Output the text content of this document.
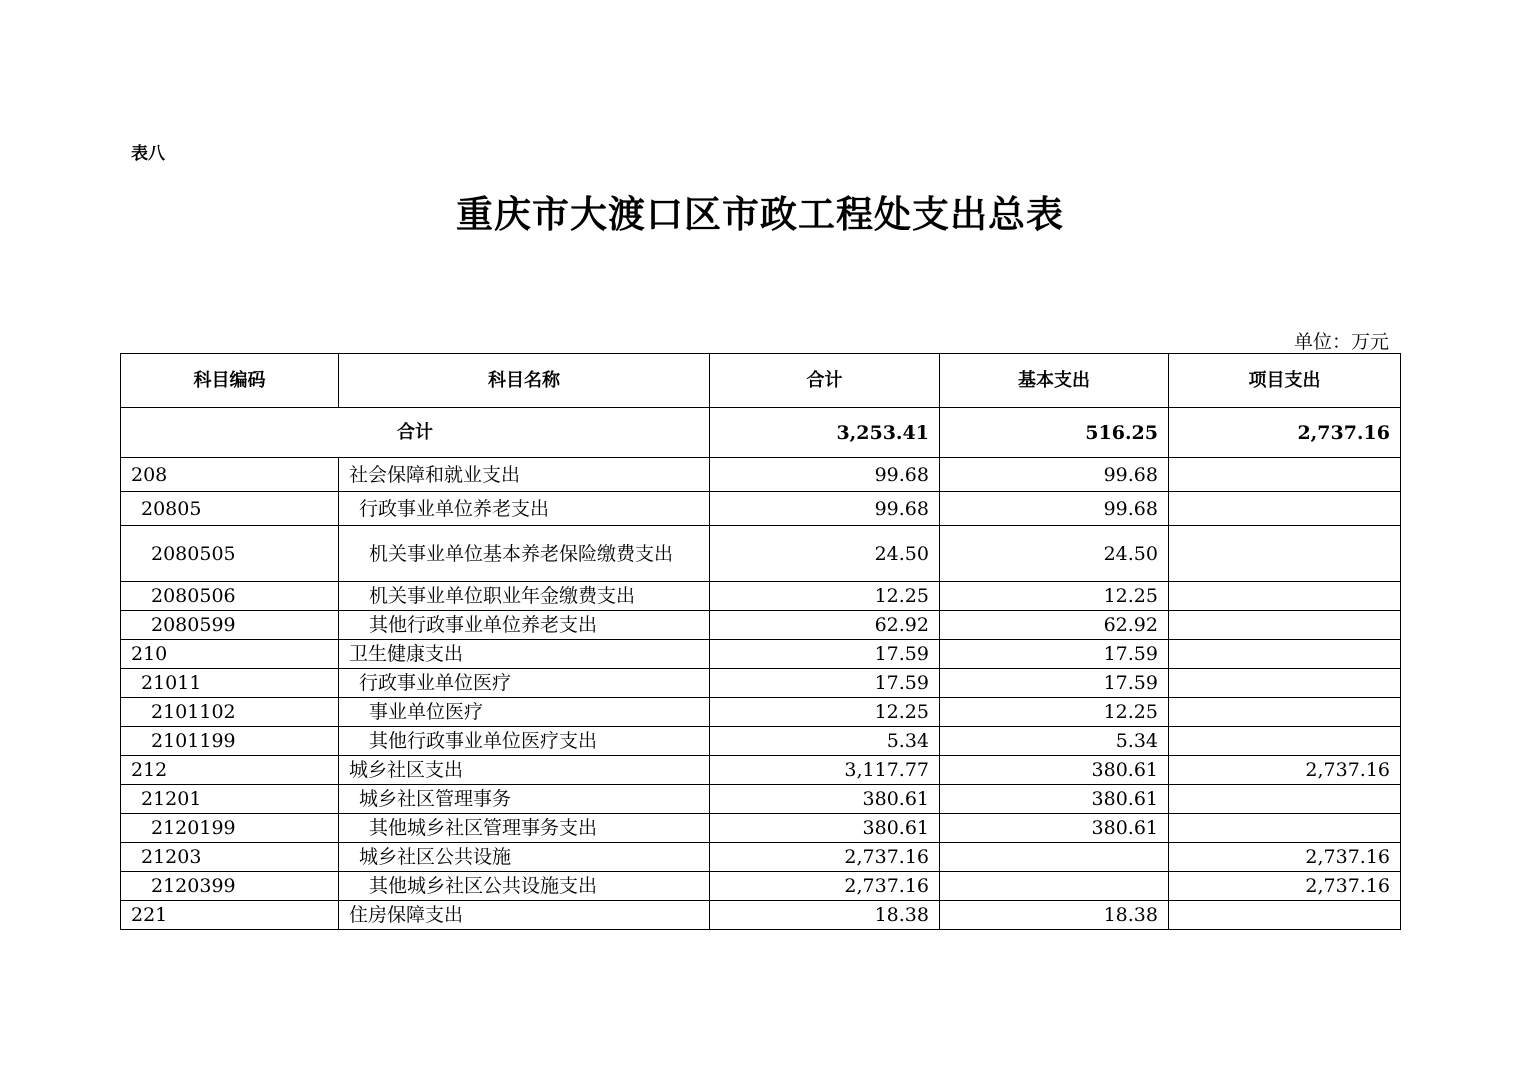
表八
重庆市大渡口区市政工程处支出总表
单位：万元
科目编码	科目名称	合计	基本支出	项目支出
合计		3,253.41	516.25	2,737.16
208	社会保障和就业支出	99.68	99.68	
20805	行政事业单位养老支出	99.68	99.68	
2080505	机关事业单位基本养老保险缴费支出	24.50	24.50	
2080506	机关事业单位职业年金缴费支出	12.25	12.25	
2080599	其他行政事业单位养老支出	62.92	62.92	
210	卫生健康支出	17.59	17.59	
21011	行政事业单位医疗	17.59	17.59	
2101102	事业单位医疗	12.25	12.25	
2101199	其他行政事业单位医疗支出	5.34	5.34	
212	城乡社区支出	3,117.77	380.61	2,737.16
21201	城乡社区管理事务	380.61	380.61	
2120199	其他城乡社区管理事务支出	380.61	380.61	
21203	城乡社区公共设施	2,737.16		2,737.16
2120399	其他城乡社区公共设施支出	2,737.16		2,737.16
221	住房保障支出	18.38	18.38	
